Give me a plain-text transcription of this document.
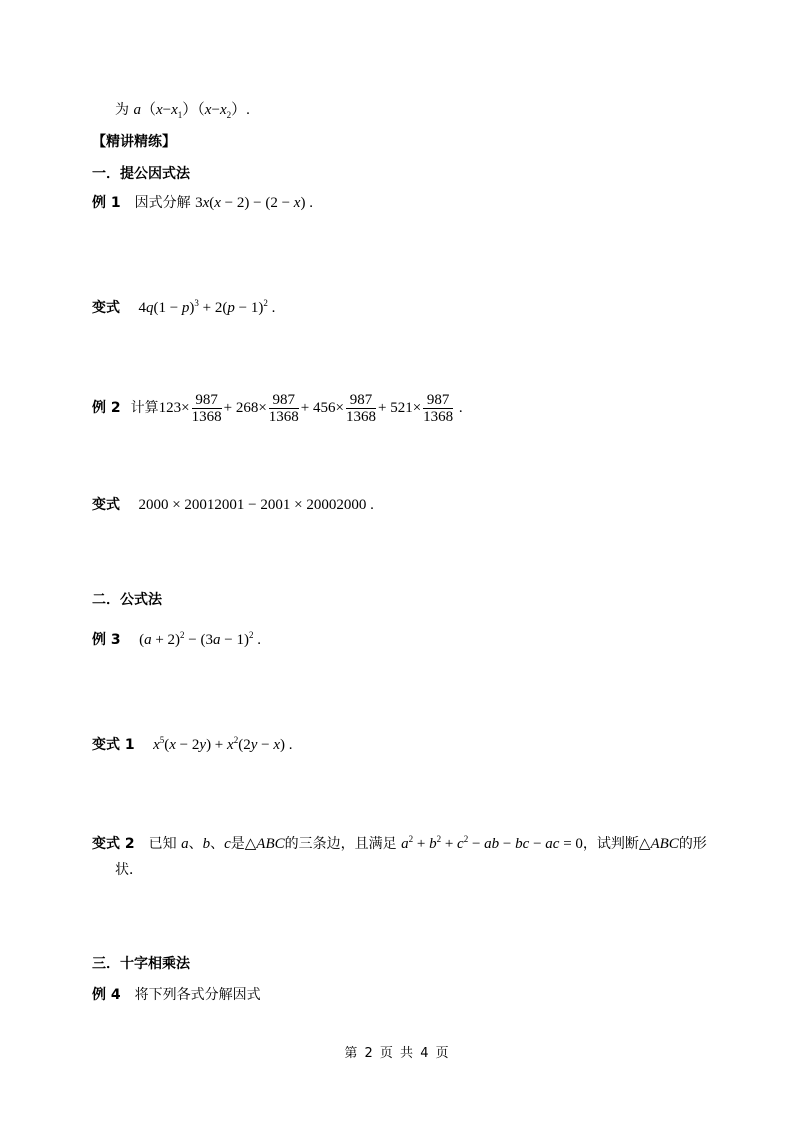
为 $a(x-x_1)(x-x_2)$.
【精讲精练】
一．提公因式法
例 1 因式分解 3x(x − 2) − (2 − x) .
变式 $4q(1 - p)^3 + 2(p - 1)^2$ .
例 2 计算$123\times \frac{987}{1368} + 268\times \frac{987}{1368} + 456\times \frac{987}{1368} + 521\times \frac{987}{1368}$ .
变式 2000 × 20012001 − 2001 × 20002000 .
二．公式法
例 3 $(a + 2)^2 - (3a - 1)^2$ .
变式 1 $x^5(x - 2y) + x^2(2y - x)$ .
变式 2 已知 a、b、c是△ABC的三条边，且满足 $a^2 + b^2 + c^2$ − ab − bc − ac = 0，试判断△ABC的形
状．
三．十字相乘法
例 4 将下列各式分解因式
第 2 页 共 4 页
